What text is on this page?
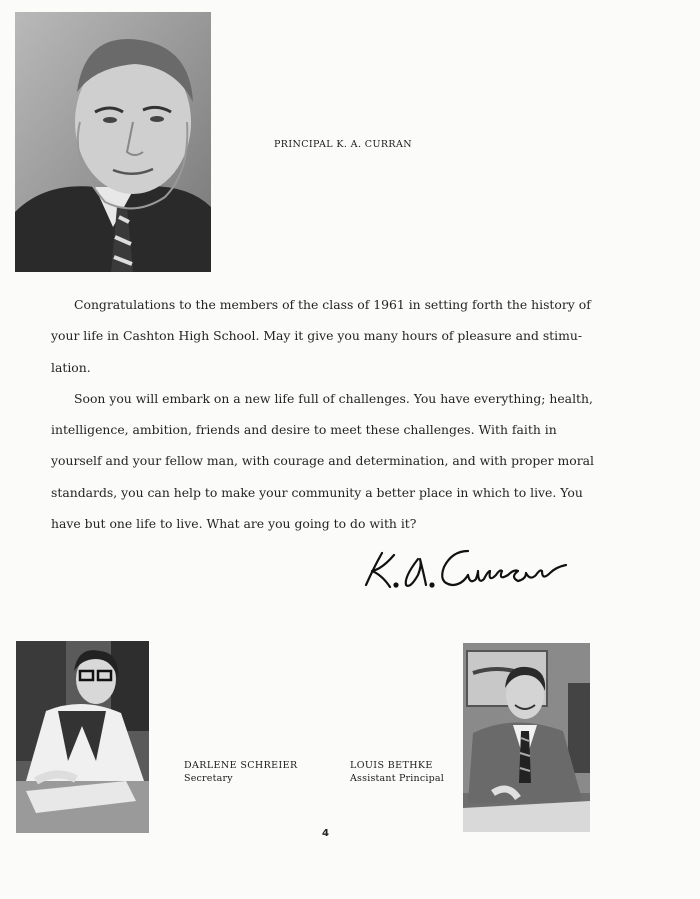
PRINCIPAL K. A. CURRAN

Congratulations to the members of the class of 1961 in setting forth the history of your life in Cashton High School. May it give you many hours of pleasure and stimu- lation.

Soon you will embark on a new life full of challenges. You have everything; health, intelligence, ambition, friends and desire to meet these challenges. With faith in yourself and your fellow man, with courage and determination, and with proper moral standards, you can help to make your community a better place in which to live. You have but one life to live. What are you going to do with it?

DARLENE SCHREIER
Secretary
LOUIS BETHKE
Assistant Principal
4
